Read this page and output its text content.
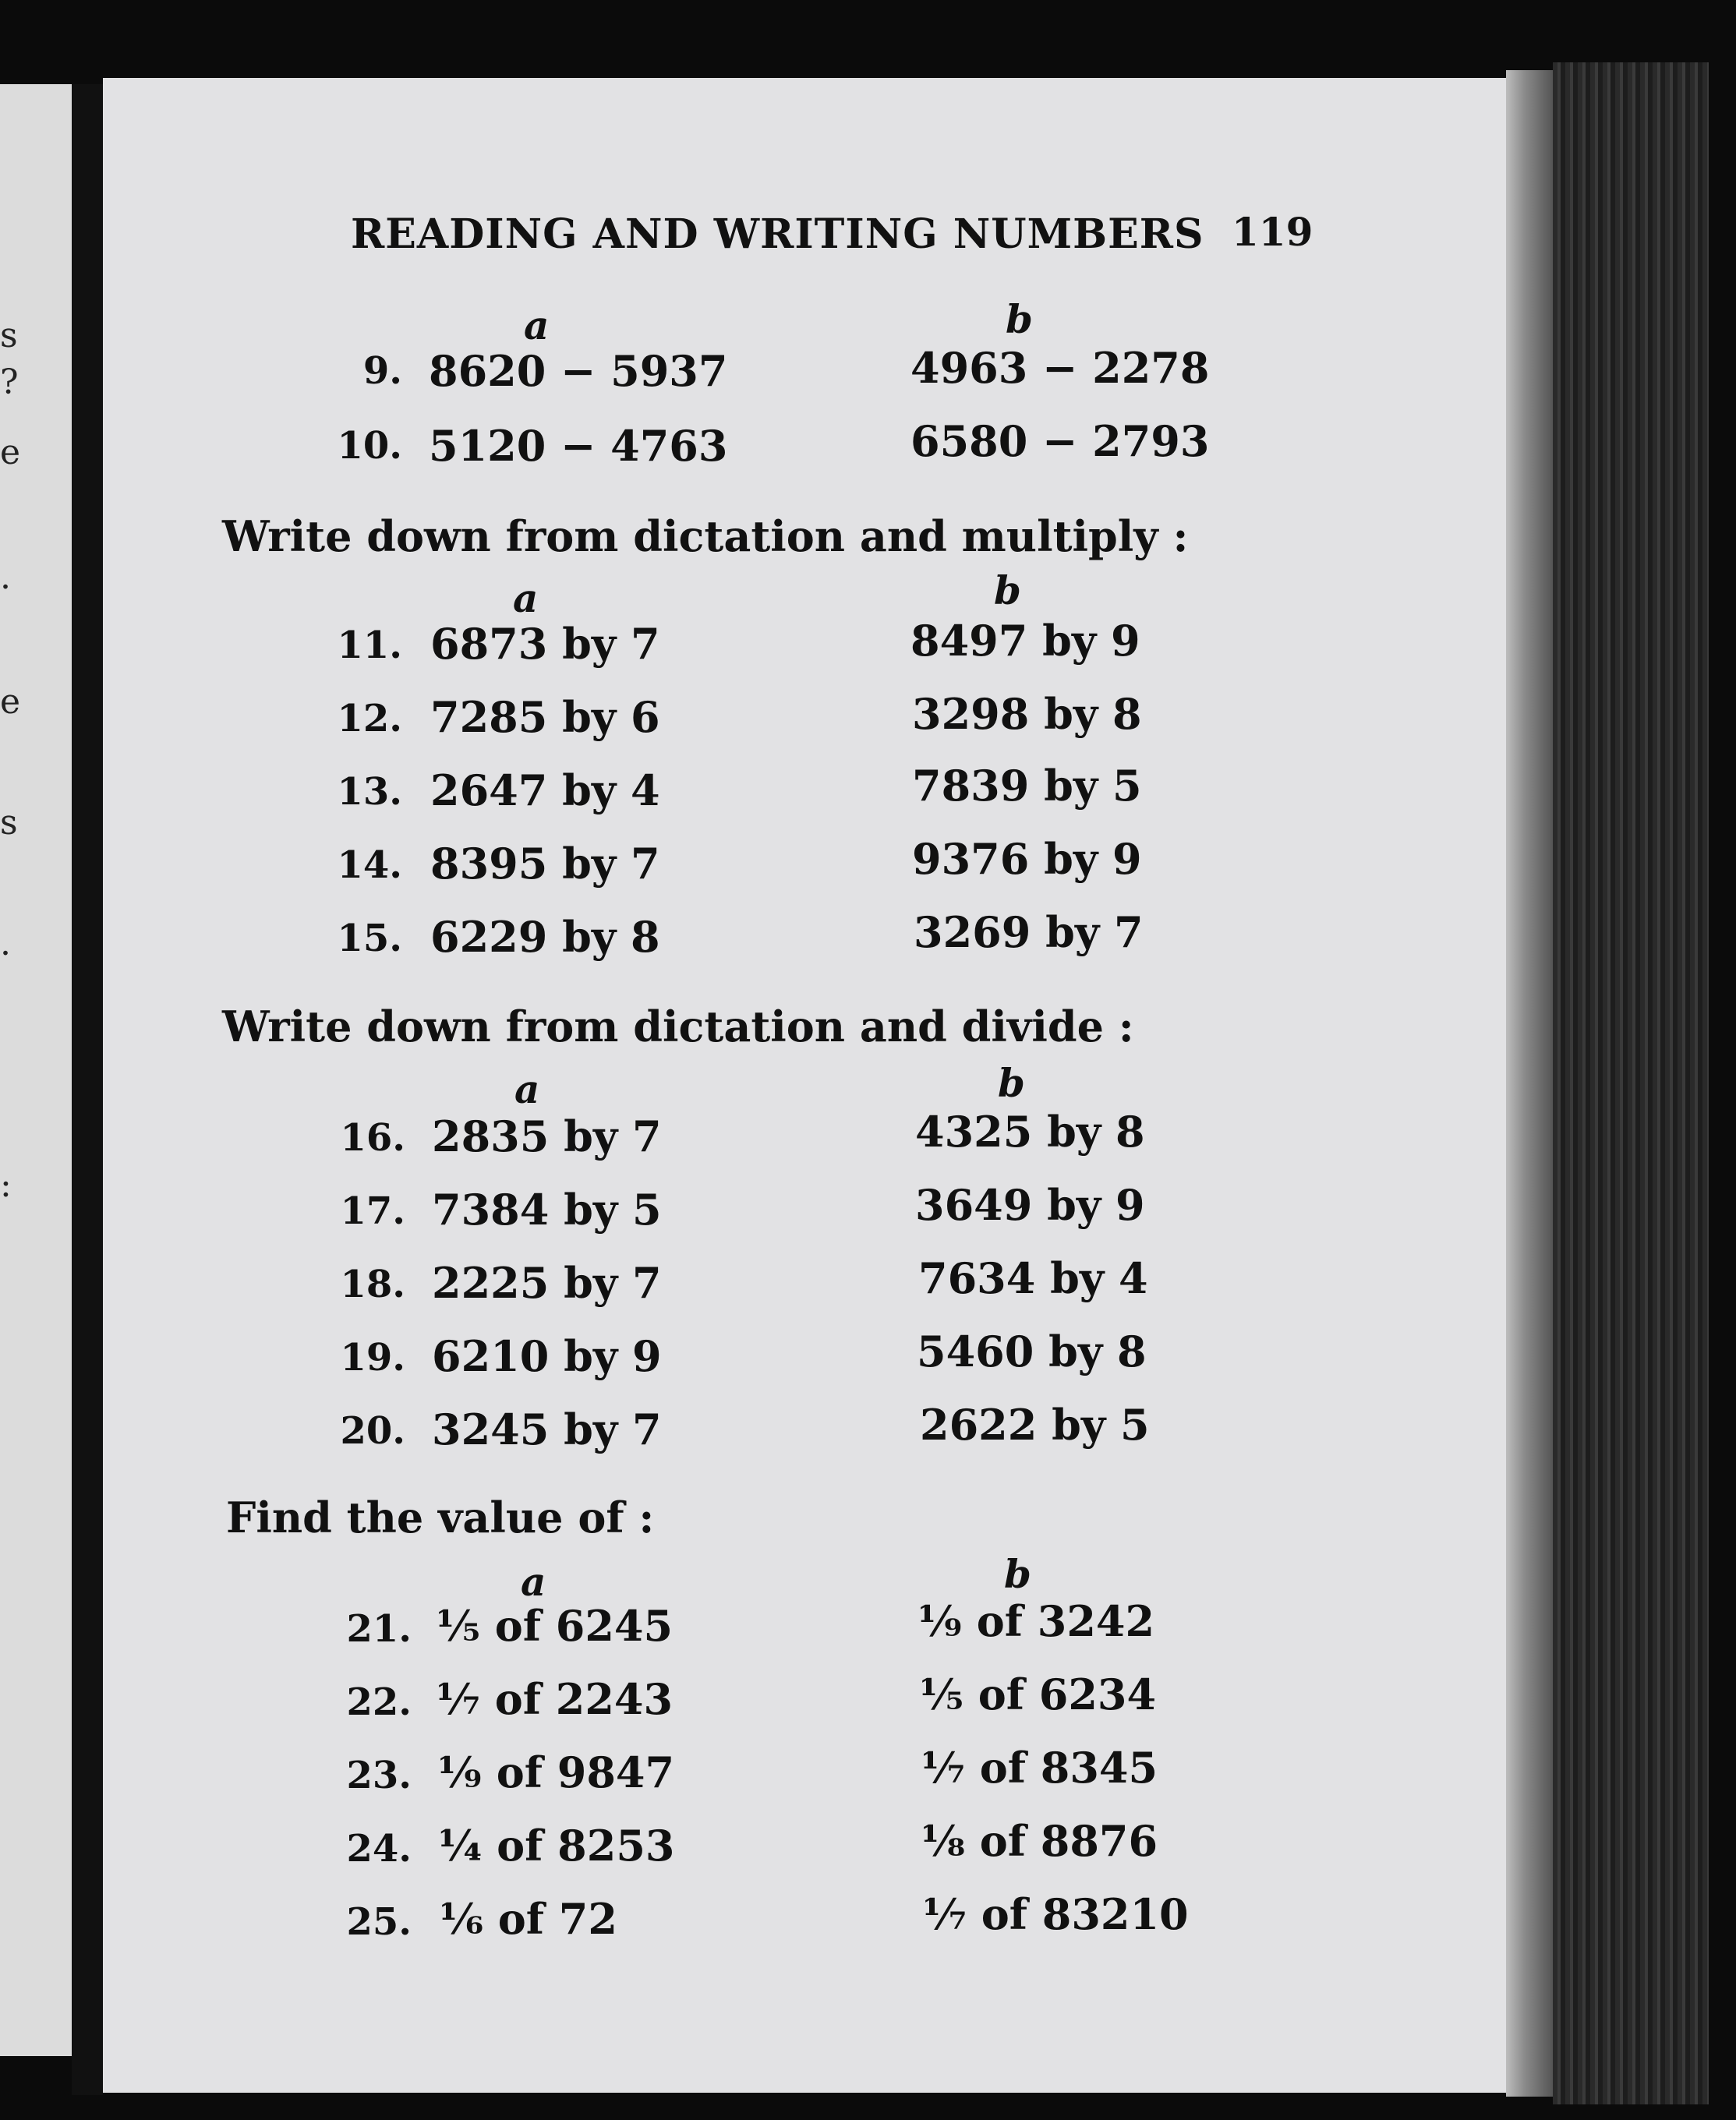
s
?
e
.
e
s
.
:
READING AND WRITING NUMBERS 119
a	b
9. 8620 − 5937	4963 − 2278
10. 5120 − 4763	6580 − 2793
Write down from dictation and multiply :
a	b
11. 6873 by 7	8497 by 9
12. 7285 by 6	3298 by 8
13. 2647 by 4	7839 by 5
14. 8395 by 7	9376 by 9
15. 6229 by 8	3269 by 7
Write down from dictation and divide :
a	b
16. 2835 by 7	4325 by 8
17. 7384 by 5	3649 by 9
18. 2225 by 7	7634 by 4
19. 6210 by 9	5460 by 8
20. 3245 by 7	2622 by 5
Find the value of :
a	b
21. ⅕ of 6245	⅑ of 3242
22. ⅐ of 2243	⅕ of 6234
23. ⅑ of 9847	⅐ of 8345
24. ¼ of 8253	⅛ of 8876
25. ⅙ of 72	⅐ of 83210
